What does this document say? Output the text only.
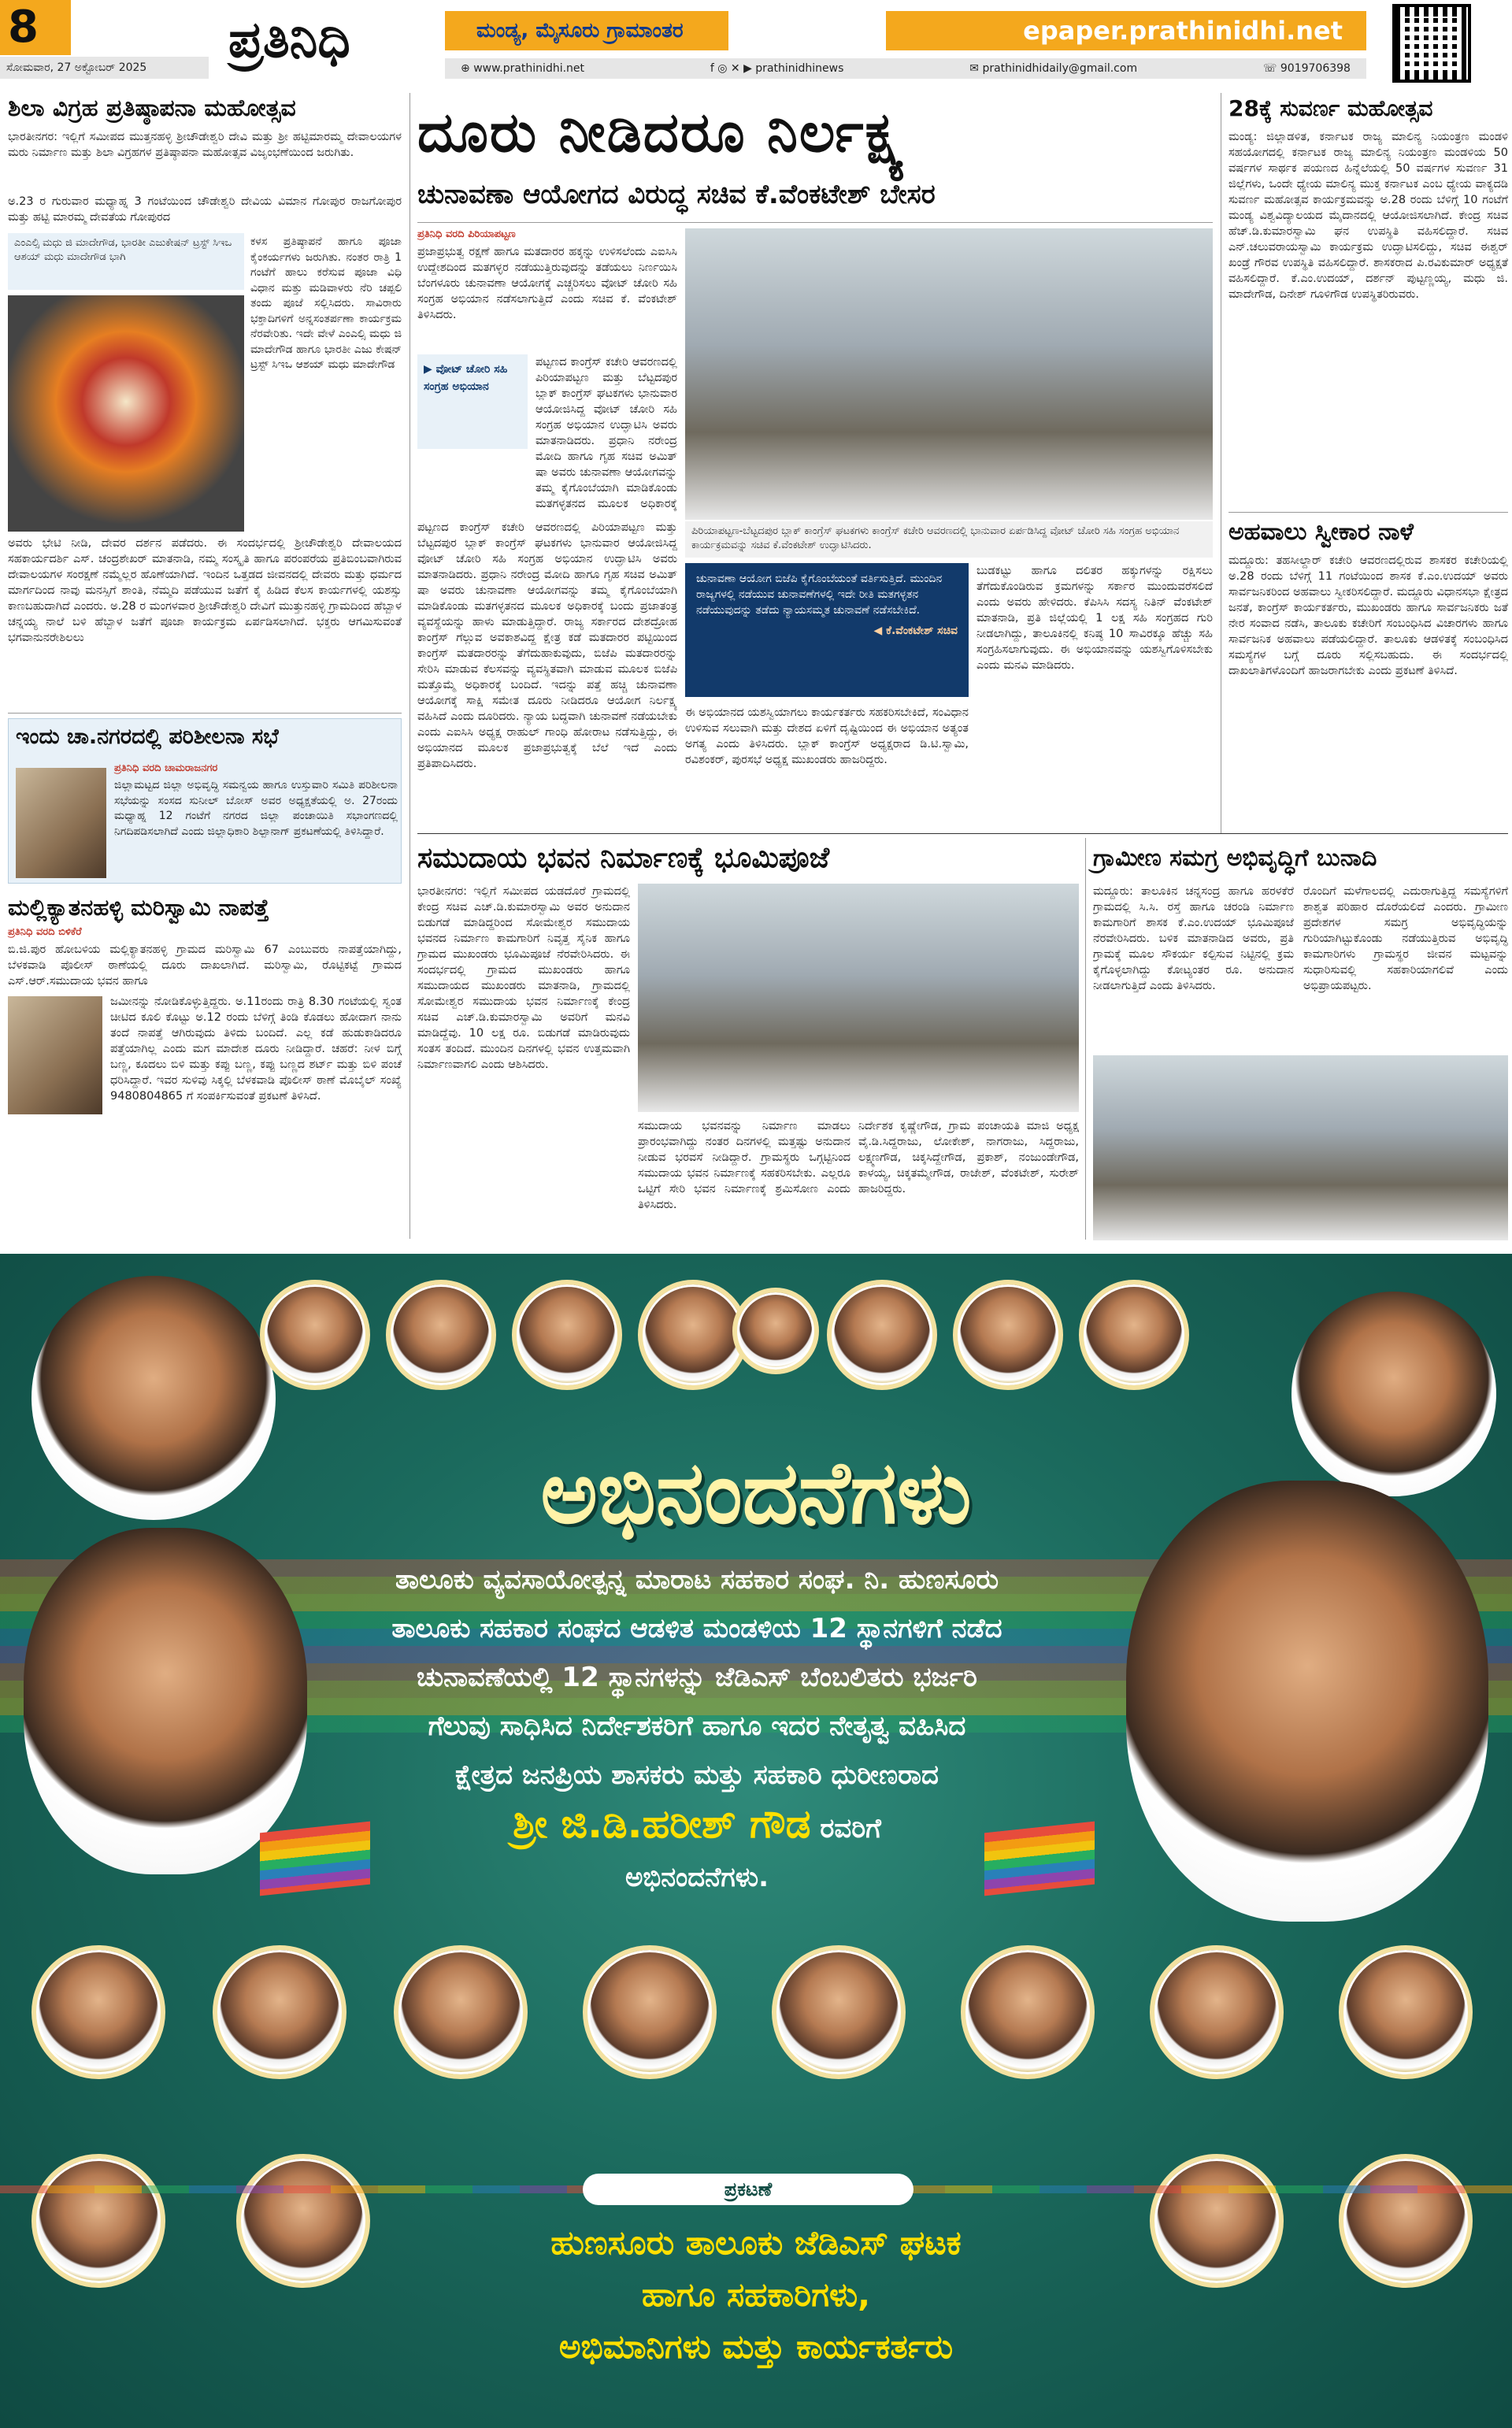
8
ಸೋಮವಾರ, 27 ಅಕ್ಟೋಬರ್ 2025	ಪ್ರತಿನಿಧಿ	ಮಂಡ್ಯ, ಮೈಸೂರು ಗ್ರಾಮಾಂತರ	epaper.prathinidhi.net
⊕ www.prathinidhi.net	f ◎ ✕ ▶ prathinidhinews	✉ prathinidhidaily@gmail.com	☏ 9019706398
ಶಿಲಾ ವಿಗ್ರಹ ಪ್ರತಿಷ್ಠಾಪನಾ ಮಹೋತ್ಸವ
ಭಾರತೀನಗರ: ಇಲ್ಲಿಗೆ ಸಮೀಪದ ಮುತ್ತನಹಳ್ಳಿ ಶ್ರೀಚೌಡೇಶ್ವರಿ ದೇವಿ ಮತ್ತು ಶ್ರೀ ಹಟ್ಟಿಮಾರಮ್ಮ ದೇವಾಲಯಗಳ ಮರು ನಿರ್ಮಾಣ ಮತ್ತು ಶಿಲಾ ವಿಗ್ರಹಗಳ ಪ್ರತಿಷ್ಠಾಪನಾ ಮಹೋತ್ಸವ ವಿಜೃಂಭಣೆಯಿಂದ ಜರುಗಿತು.
ಅ.23 ರ ಗುರುವಾರ ಮಧ್ಯಾಹ್ನ 3 ಗಂಟೆಯಿಂದ ಚೌಡೇಶ್ವರಿ ದೇವಿಯ ವಿಮಾನ ಗೋಪುರ ರಾಜಗೋಪುರ ಮತ್ತು ಹಟ್ಟಿ ಮಾರಮ್ಮ ದೇವತೆಯ ಗೋಪುರದ
ಎಂಎಲ್ಸಿ ಮಧು ಜಿ ಮಾದೇಗೌಡ, ಭಾರತೀ ಎಜುಕೇಷನ್ ಟ್ರಸ್ಟ್ ಸಿಇಒ ಆಶಯ್ ಮಧು ಮಾದೇಗೌಡ ಭಾಗಿ
ಕಳಸ ಪ್ರತಿಷ್ಠಾಪನೆ ಹಾಗೂ ಪೂಜಾ ಕೈಂಕರ್ಯಗಳು ಜರುಗಿತು. ನಂತರ ರಾತ್ರಿ 1 ಗಂಟೆಗೆ ಹಾಲು ಕರೆಸುವ ಪೂಜಾ ವಿಧಿ ವಿಧಾನ ಮತ್ತು ಮಡಿವಾಳರು ನೆರಿ ಚಪ್ಪಲಿ ತಂದು ಪೂಜೆ ಸಲ್ಲಿಸಿದರು. ಸಾವಿರಾರು ಭಕ್ತಾದಿಗಳಿಗೆ ಅನ್ನಸಂತರ್ಪಣಾ ಕಾರ್ಯಕ್ರಮ ನೆರವೇರಿತು. ಇದೇ ವೇಳೆ ಎಂಎಲ್ಸಿ ಮಧು ಜಿ ಮಾದೇಗೌಡ ಹಾಗೂ ಭಾರತೀ ಎಜು ಕೇಷನ್ ಟ್ರಸ್ಟ್ ಸಿಇಒ ಆಶಯ್ ಮಧು ಮಾದೇಗೌಡ
ಅವರು ಭೇಟಿ ನೀಡಿ, ದೇವರ ದರ್ಶನ ಪಡೆದರು. ಈ ಸಂದರ್ಭದಲ್ಲಿ ಶ್ರೀಚೌಡೇಶ್ವರಿ ದೇವಾಲಯದ ಸಹಕಾರ್ಯದರ್ಶಿ ಎಸ್. ಚಂದ್ರಶೇಖರ್ ಮಾತನಾಡಿ, ನಮ್ಮ ಸಂಸ್ಕೃತಿ ಹಾಗೂ ಪರಂಪರೆಯ ಪ್ರತಿಬಿಂಬವಾಗಿರುವ ದೇವಾಲಯಗಳ ಸಂರಕ್ಷಣೆ ನಮ್ಮೆಲ್ಲರ ಹೊಣೆಯಾಗಿದೆ. ಇಂದಿನ ಒತ್ತಡದ ಜೀವನದಲ್ಲಿ ದೇವರು ಮತ್ತು ಧರ್ಮದ ಮಾರ್ಗದಿಂದ ನಾವು ಮನಸ್ಸಿಗೆ ಶಾಂತಿ, ನೆಮ್ಮದಿ ಪಡೆಯುವ ಜತೆಗೆ ಕೈ ಹಿಡಿದ ಕೆಲಸ ಕಾರ್ಯಗಳಲ್ಲಿ ಯಶಸ್ಸು ಕಾಣಬಹುದಾಗಿದೆ ಎಂದರು. ಅ.28 ರ ಮಂಗಳವಾರ ಶ್ರೀಚೌಡೇಶ್ವರಿ ದೇವಿಗೆ ಮುತ್ತುನಹಳ್ಳಿ ಗ್ರಾಮದಿಂದ ಹೆಬ್ಬಾಳ ಚನ್ನಯ್ಯ ನಾಲೆ ಬಳಿ ಹೆಬ್ಬಾಳ ಜತೆಗೆ ಪೂಜಾ ಕಾರ್ಯಕ್ರಮ ಏರ್ಪಡಿಸಲಾಗಿದೆ. ಭಕ್ತರು ಆಗಮಿಸುವಂತೆ ಭಗವಾನುನರೇಶಿಲಲು
ಇಂದು ಚಾ.ನಗರದಲ್ಲಿ ಪರಿಶೀಲನಾ ಸಭೆ
ಪ್ರತಿನಿಧಿ ವರದಿ ಚಾಮರಾಜನಗರ
ಜಿಲ್ಲಾಮಟ್ಟದ ಜಿಲ್ಲಾ ಅಭಿವೃದ್ಧಿ ಸಮನ್ವಯ ಹಾಗೂ ಉಸ್ತುವಾರಿ ಸಮಿತಿ ಪರಿಶೀಲನಾ ಸಭೆಯನ್ನು ಸಂಸದ ಸುನೀಲ್ ಬೋಸ್ ಅವರ ಅಧ್ಯಕ್ಷತೆಯಲ್ಲಿ ಅ. 27ರಂದು ಮಧ್ಯಾಹ್ನ 12 ಗಂಟೆಗೆ ನಗರದ ಜಿಲ್ಲಾ ಪಂಚಾಯಿತಿ ಸಭಾಂಗಣದಲ್ಲಿ ನಿಗದಿಪಡಿಸಲಾಗಿದೆ ಎಂದು ಜಿಲ್ಲಾಧಿಕಾರಿ ಶಿಲ್ಪಾನಾಗ್ ಪ್ರಕಟಣೆಯಲ್ಲಿ ತಿಳಿಸಿದ್ದಾರೆ.
ಮಲ್ಲಿಕ್ಯಾತನಹಳ್ಳಿ ಮರಿಸ್ವಾಮಿ ನಾಪತ್ತೆ
ಪ್ರತಿನಿಧಿ ವರದಿ ಬಿಳಿಕೆರೆ
ಬಿ.ಜಿ.ಪುರ ಹೋಬಳಿಯ ಮಲ್ಲಿಕ್ಯಾತನಹಳ್ಳಿ ಗ್ರಾಮದ ಮರಿಸ್ವಾಮಿ 67 ಎಂಬುವರು ನಾಪತ್ತೆಯಾಗಿದ್ದು, ಬೆಳಕವಾಡಿ ಪೊಲೀಸ್ ಠಾಣೆಯಲ್ಲಿ ದೂರು ದಾಖಲಾಗಿದೆ. ಮರಿಸ್ವಾಮಿ, ರೊಟ್ಟಿಕಟ್ಟೆ ಗ್ರಾಮದ ಎಸ್.ಆರ್.ಸಮುದಾಯ ಭವನ ಹಾಗೂ
ಜಮೀನನ್ನು ನೋಡಿಕೊಳ್ಳುತ್ತಿದ್ದರು. ಅ.11ರಂದು ರಾತ್ರಿ 8.30 ಗಂಟೆಯಲ್ಲಿ ಸ್ವಂತ ಚೀಟಿದ ಕೂಲಿ ಕೊಟ್ಟು ಅ.12 ರಂದು ಬೆಳಿಗ್ಗೆ ತಿಂಡಿ ಕೊಡಲು ಹೋದಾಗ ನಾನು ತಂದೆ ನಾಪತ್ತೆ ಆಗಿರುವುದು ತಿಳಿದು ಬಂದಿದೆ. ಎಲ್ಲ ಕಡೆ ಹುಡುಕಾಡಿದರೂ ಪತ್ತೆಯಾಗಿಲ್ಲ ಎಂದು ಮಗ ಮಾದೇಶ ದೂರು ನೀಡಿದ್ದಾರೆ. ಚಹರೆ: ನೀಳ ಬಿಗ್ಗೆ ಬಣ್ಣ, ಕೂದಲು ಬಿಳಿ ಮತ್ತು ಕಪ್ಪು ಬಣ್ಣ, ಕಪ್ಪು ಬಣ್ಣದ ಶರ್ಟ್ ಮತ್ತು ಬಿಳಿ ಪಂಚೆ ಧರಿಸಿದ್ದಾರೆ. ಇವರ ಸುಳಿವು ಸಿಕ್ಕಲ್ಲಿ ಬೆಳಕವಾಡಿ ಪೊಲೀಸ್ ಠಾಣೆ ಮೊಬೈಲ್ ಸಂಖ್ಯೆ 9480804865 ಗೆ ಸಂಪರ್ಕಿಸುವಂತೆ ಪ್ರಕಟಣೆ ತಿಳಿಸಿದೆ.
ದೂರು ನೀಡಿದರೂ ನಿರ್ಲಕ್ಷ್ಯ
ಚುನಾವಣಾ ಆಯೋಗದ ವಿರುದ್ಧ ಸಚಿವ ಕೆ.ವೆಂಕಟೇಶ್ ಬೇಸರ
ಪ್ರತಿನಿಧಿ ವರದಿ ಪಿರಿಯಾಪಟ್ಟಣ
ಪ್ರಜಾಪ್ರಭುತ್ವ ರಕ್ಷಣೆ ಹಾಗೂ ಮತದಾರರ ಹಕ್ಕನ್ನು ಉಳಿಸಲೆಂದು ಎಐಸಿಸಿ ಉದ್ದೇಶದಿಂದ ಮತಗಳ್ಳರ ನಡೆಯುತ್ತಿರುವುದನ್ನು ತಡೆಯಲು ನಿರ್ಣಯಿಸಿ ಬೆಂಗಳೂರು ಚುನಾವಣಾ ಆಯೋಗಕ್ಕೆ ಎಚ್ಚರಿಸಲು ವೋಟ್ ಚೋರಿ ಸಹಿ ಸಂಗ್ರಹ ಅಭಿಯಾನ ನಡೆಸಲಾಗುತ್ತಿದೆ ಎಂದು ಸಚಿವ ಕೆ. ವೆಂಕಟೇಶ್ ತಿಳಿಸಿದರು.
▶ ವೋಟ್ ಚೋರಿ ಸಹಿ ಸಂಗ್ರಹ ಅಭಿಯಾನ
ಪಟ್ಟಣದ ಕಾಂಗ್ರೆಸ್ ಕಚೇರಿ ಆವರಣದಲ್ಲಿ ಪಿರಿಯಾಪಟ್ಟಣ ಮತ್ತು ಬೆಟ್ಟದಪುರ ಬ್ಲಾಕ್ ಕಾಂಗ್ರೆಸ್ ಘಟಕಗಳು ಭಾನುವಾರ ಆಯೋಜಿಸಿದ್ದ ವೋಟ್ ಚೋರಿ ಸಹಿ ಸಂಗ್ರಹ ಅಭಿಯಾನ ಉದ್ಘಾಟಿಸಿ ಅವರು ಮಾತನಾಡಿದರು. ಪ್ರಧಾನಿ ನರೇಂದ್ರ ಮೋದಿ ಹಾಗೂ ಗೃಹ ಸಚಿವ ಅಮಿತ್ ಷಾ ಅವರು ಚುನಾವಣಾ ಆಯೋಗವನ್ನು ತಮ್ಮ ಕೈಗೊಂಬೆಯಾಗಿ ಮಾಡಿಕೊಂಡು ಮತಗಳ್ಳತನದ ಮೂಲಕ ಅಧಿಕಾರಕ್ಕೆ
ಪಟ್ಟಣದ ಕಾಂಗ್ರೆಸ್ ಕಚೇರಿ ಆವರಣದಲ್ಲಿ ಪಿರಿಯಾಪಟ್ಟಣ ಮತ್ತು ಬೆಟ್ಟದಪುರ ಬ್ಲಾಕ್ ಕಾಂಗ್ರೆಸ್ ಘಟಕಗಳು ಭಾನುವಾರ ಆಯೋಜಿಸಿದ್ದ ವೋಟ್ ಚೋರಿ ಸಹಿ ಸಂಗ್ರಹ ಅಭಿಯಾನ ಉದ್ಘಾಟಿಸಿ ಅವರು ಮಾತನಾಡಿದರು. ಪ್ರಧಾನಿ ನರೇಂದ್ರ ಮೋದಿ ಹಾಗೂ ಗೃಹ ಸಚಿವ ಅಮಿತ್ ಷಾ ಅವರು ಚುನಾವಣಾ ಆಯೋಗವನ್ನು ತಮ್ಮ ಕೈಗೊಂಬೆಯಾಗಿ ಮಾಡಿಕೊಂಡು ಮತಗಳ್ಳತನದ ಮೂಲಕ ಅಧಿಕಾರಕ್ಕೆ ಬಂದು ಪ್ರಜಾತಂತ್ರ ವ್ಯವಸ್ಥೆಯನ್ನು ಹಾಳು ಮಾಡುತ್ತಿದ್ದಾರೆ. ರಾಜ್ಯ ಸರ್ಕಾರದ ದೇಶದ್ರೋಹ ಕಾಂಗ್ರೆಸ್ ಗೆಲ್ಲುವ ಅವಕಾಶವಿದ್ದ ಕ್ಷೇತ್ರ ಕಡೆ ಮತದಾರರ ಪಟ್ಟಿಯಿಂದ ಕಾಂಗ್ರೆಸ್ ಮತದಾರರನ್ನು ತೆಗೆದುಹಾಕುವುದು, ಬಿಜೆಪಿ ಮತದಾರರನ್ನು ಸೇರಿಸಿ ಮಾಡುವ ಕೆಲಸವನ್ನು ವ್ಯವಸ್ಥಿತವಾಗಿ ಮಾಡುವ ಮೂಲಕ ಬಿಜೆಪಿ ಮತ್ತೊಮ್ಮೆ ಅಧಿಕಾರಕ್ಕೆ ಬಂದಿದೆ. ಇದನ್ನು ಪತ್ತೆ ಹಚ್ಚಿ ಚುನಾವಣಾ ಆಯೋಗಕ್ಕೆ ಸಾಕ್ಷಿ ಸಮೇತ ದೂರು ನೀಡಿದರೂ ಆಯೋಗ ನಿರ್ಲಕ್ಷ್ಯ ವಹಿಸಿದೆ ಎಂದು ದೂರಿದರು. ನ್ಯಾಯ ಬದ್ಧವಾಗಿ ಚುನಾವಣೆ ನಡೆಯಬೇಕು ಎಂದು ಎಐಸಿಸಿ ಅಧ್ಯಕ್ಷ ರಾಹುಲ್ ಗಾಂಧಿ ಹೋರಾಟ ನಡೆಸುತ್ತಿದ್ದು, ಈ ಅಭಿಯಾನದ ಮೂಲಕ ಪ್ರಜಾಪ್ರಭುತ್ವಕ್ಕೆ ಬೆಲೆ ಇದೆ ಎಂದು ಪ್ರತಿಪಾದಿಸಿದರು.
ಪಿರಿಯಾಪಟ್ಟಣ-ಬೆಟ್ಟದಪುರ ಬ್ಲಾಕ್ ಕಾಂಗ್ರೆಸ್ ಘಟಕಗಳು ಕಾಂಗ್ರೆಸ್ ಕಚೇರಿ ಆವರಣದಲ್ಲಿ ಭಾನುವಾರ ಏರ್ಪಡಿಸಿದ್ದ ವೋಟ್ ಚೋರಿ ಸಹಿ ಸಂಗ್ರಹ ಅಭಿಯಾನ ಕಾರ್ಯಕ್ರಮವನ್ನು ಸಚಿವ ಕೆ.ವೆಂಕಟೇಶ್ ಉದ್ಘಾಟಿಸಿದರು.
ಚುನಾವಣಾ ಆಯೋಗ ಬಿಜೆಪಿ ಕೈಗೊಂಬೆಯಂತೆ ವರ್ತಿಸುತ್ತಿದೆ. ಮುಂದಿನ ರಾಜ್ಯಗಳಲ್ಲಿ ನಡೆಯುವ ಚುನಾವಣೆಗಳಲ್ಲಿ ಇದೇ ರೀತಿ ಮತಗಳ್ಳತನ ನಡೆಯುವುದನ್ನು ತಡೆದು ನ್ಯಾಯಸಮ್ಮತ ಚುನಾವಣೆ ನಡೆಸಬೇಕಿದೆ.
◀ ಕೆ.ವೆಂಕಟೇಶ್ ಸಚಿವ
ಬುಡಕಟ್ಟು ಹಾಗೂ ದಲಿತರ ಹಕ್ಕುಗಳನ್ನು ರಕ್ಷಿಸಲು ತೆಗೆದುಕೊಂಡಿರುವ ಕ್ರಮಗಳನ್ನು ಸರ್ಕಾರ ಮುಂದುವರೆಸಲಿದೆ ಎಂದು ಅವರು ಹೇಳಿದರು. ಕೆಪಿಸಿಸಿ ಸದಸ್ಯ ನಿತಿನ್ ವೆಂಕಟೇಶ್ ಮಾತನಾಡಿ, ಪ್ರತಿ ಜಿಲ್ಲೆಯಲ್ಲಿ 1 ಲಕ್ಷ ಸಹಿ ಸಂಗ್ರಹದ ಗುರಿ ನೀಡಲಾಗಿದ್ದು, ತಾಲೂಕಿನಲ್ಲಿ ಕನಿಷ್ಠ 10 ಸಾವಿರಕ್ಕೂ ಹೆಚ್ಚು ಸಹಿ ಸಂಗ್ರಹಿಸಲಾಗುವುದು. ಈ ಅಭಿಯಾನವನ್ನು ಯಶಸ್ವಿಗೊಳಿಸಬೇಕು ಎಂದು ಮನವಿ ಮಾಡಿದರು.
ಈ ಅಭಿಯಾನದ ಯಶಸ್ವಿಯಾಗಲು ಕಾರ್ಯಕರ್ತರು ಸಹಕರಿಸಬೇಕಿದೆ, ಸಂವಿಧಾನ ಉಳಿಸುವ ಸಲುವಾಗಿ ಮತ್ತು ದೇಶದ ಏಳಿಗೆ ದೃಷ್ಟಿಯಿಂದ ಈ ಅಭಿಯಾನ ಅತ್ಯಂತ ಅಗತ್ಯ ಎಂದು ತಿಳಿಸಿದರು. ಬ್ಲಾಕ್ ಕಾಂಗ್ರೆಸ್ ಅಧ್ಯಕ್ಷರಾದ ಡಿ.ಟಿ.ಸ್ವಾಮಿ, ರವಿಶಂಕರ್, ಪುರಸಭೆ ಅಧ್ಯಕ್ಷ ಮುಖಂಡರು ಹಾಜರಿದ್ದರು.
28ಕ್ಕೆ ಸುವರ್ಣ ಮಹೋತ್ಸವ
ಮಂಡ್ಯ: ಜಿಲ್ಲಾಡಳಿತ, ಕರ್ನಾಟಕ ರಾಜ್ಯ ಮಾಲಿನ್ಯ ನಿಯಂತ್ರಣ ಮಂಡಳಿ ಸಹಯೋಗದಲ್ಲಿ ಕರ್ನಾಟಕ ರಾಜ್ಯ ಮಾಲಿನ್ಯ ನಿಯಂತ್ರಣ ಮಂಡಳಿಯ 50 ವರ್ಷಗಳ ಸಾರ್ಥಕ ಪಯಣದ ಹಿನ್ನೆಲೆಯಲ್ಲಿ 50 ವರ್ಷಗಳ ಸುವರ್ಣ 31 ಜಿಲ್ಲೆಗಳು, ಒಂದೇ ಧ್ಯೇಯ ಮಾಲಿನ್ಯ ಮುಕ್ತ ಕರ್ನಾಟಕ ಎಂಬ ಧ್ಯೇಯ ವಾಕ್ಯದಡಿ ಸುವರ್ಣ ಮಹೋತ್ಸವ ಕಾರ್ಯಕ್ರಮವನ್ನು ಅ.28 ರಂದು ಬೆಳಿಗ್ಗೆ 10 ಗಂಟೆಗೆ ಮಂಡ್ಯ ವಿಶ್ವವಿದ್ಯಾಲಯದ ಮೈದಾನದಲ್ಲಿ ಆಯೋಜಿಸಲಾಗಿದೆ. ಕೇಂದ್ರ ಸಚಿವ ಹೆಚ್.ಡಿ.ಕುಮಾರಸ್ವಾಮಿ ಘನ ಉಪಸ್ಥಿತಿ ವಹಿಸಲಿದ್ದಾರೆ. ಸಚಿವ ಎನ್.ಚಲುವರಾಯಸ್ವಾಮಿ ಕಾರ್ಯಕ್ರಮ ಉದ್ಘಾಟಿಸಲಿದ್ದು, ಸಚಿವ ಈಶ್ವರ್ ಖಂಡ್ರೆ ಗೌರವ ಉಪಸ್ಥಿತಿ ವಹಿಸಲಿದ್ದಾರೆ. ಶಾಸಕರಾದ ಪಿ.ರವಿಕುಮಾರ್ ಅಧ್ಯಕ್ಷತೆ ವಹಿಸಲಿದ್ದಾರೆ. ಕೆ.ಎಂ.ಉದಯ್, ದರ್ಶನ್ ಪುಟ್ಟಣ್ಣಯ್ಯ, ಮಧು ಜಿ. ಮಾದೇಗೌಡ, ದಿನೇಶ್ ಗೂಳಿಗೌಡ ಉಪಸ್ಥಿತರಿರುವರು.
ಅಹವಾಲು ಸ್ವೀಕಾರ ನಾಳೆ
ಮದ್ದೂರು: ತಹಸೀಲ್ದಾರ್ ಕಚೇರಿ ಆವರಣದಲ್ಲಿರುವ ಶಾಸಕರ ಕಚೇರಿಯಲ್ಲಿ ಅ.28 ರಂದು ಬೆಳಿಗ್ಗೆ 11 ಗಂಟೆಯಿಂದ ಶಾಸಕ ಕೆ.ಎಂ.ಉದಯ್ ಅವರು ಸಾರ್ವಜನಿಕರಿಂದ ಅಹವಾಲು ಸ್ವೀಕರಿಸಲಿದ್ದಾರೆ. ಮದ್ದೂರು ವಿಧಾನಸಭಾ ಕ್ಷೇತ್ರದ ಜನತೆ, ಕಾಂಗ್ರೆಸ್ ಕಾರ್ಯಕರ್ತರು, ಮುಖಂಡರು ಹಾಗೂ ಸಾರ್ವಜನಿಕರು ಜತೆ ನೇರ ಸಂವಾದ ನಡೆಸಿ, ತಾಲೂಕು ಕಚೇರಿಗೆ ಸಂಬಂಧಿಸಿದ ವಿಚಾರಗಳು ಹಾಗೂ ಸಾರ್ವಜನಿಕ ಅಹವಾಲು ಪಡೆಯಲಿದ್ದಾರೆ. ತಾಲೂಕು ಆಡಳಿತಕ್ಕೆ ಸಂಬಂಧಿಸಿದ ಸಮಸ್ಯೆಗಳ ಬಗ್ಗೆ ದೂರು ಸಲ್ಲಿಸಬಹುದು. ಈ ಸಂದರ್ಭದಲ್ಲಿ ದಾಖಲಾತಿಗಳೊಂದಿಗೆ ಹಾಜರಾಗಬೇಕು ಎಂದು ಪ್ರಕಟಣೆ ತಿಳಿಸಿದೆ.
ಸಮುದಾಯ ಭವನ ನಿರ್ಮಾಣಕ್ಕೆ ಭೂಮಿಪೂಜೆ
ಭಾರತೀನಗರ: ಇಲ್ಲಿಗೆ ಸಮೀಪದ ಯಡದೊರೆ ಗ್ರಾಮದಲ್ಲಿ ಕೇಂದ್ರ ಸಚಿವ ಎಚ್.ಡಿ.ಕುಮಾರಸ್ವಾಮಿ ಅವರ ಅನುದಾನ ಬಿಡುಗಡೆ ಮಾಡಿದ್ದರಿಂದ ಸೋಮೇಶ್ವರ ಸಮುದಾಯ ಭವನದ ನಿರ್ಮಾಣ ಕಾಮಗಾರಿಗೆ ನಿವೃತ್ತ ಸೈನಿಕ ಹಾಗೂ ಗ್ರಾಮದ ಮುಖಂಡರು ಭೂಮಿಪೂಜೆ ನೆರವೇರಿಸಿದರು. ಈ ಸಂದರ್ಭದಲ್ಲಿ ಗ್ರಾಮದ ಮುಖಂಡರು ಹಾಗೂ ಸಮುದಾಯದ ಮುಖಂಡರು ಮಾತನಾಡಿ, ಗ್ರಾಮದಲ್ಲಿ ಸೋಮೇಶ್ವರ ಸಮುದಾಯ ಭವನ ನಿರ್ಮಾಣಕ್ಕೆ ಕೇಂದ್ರ ಸಚಿವ ಎಚ್.ಡಿ.ಕುಮಾರಸ್ವಾಮಿ ಅವರಿಗೆ ಮನವಿ ಮಾಡಿದ್ದೆವು. 10 ಲಕ್ಷ ರೂ. ಬಿಡುಗಡೆ ಮಾಡಿರುವುದು ಸಂತಸ ತಂದಿದೆ. ಮುಂದಿನ ದಿನಗಳಲ್ಲಿ ಭವನ ಉತ್ತಮವಾಗಿ ನಿರ್ಮಾಣವಾಗಲಿ ಎಂದು ಆಶಿಸಿದರು.
ಸಮುದಾಯ ಭವನವನ್ನು ನಿರ್ಮಾಣ ಮಾಡಲು ಪ್ರಾರಂಭವಾಗಿದ್ದು ನಂತರ ದಿನಗಳಲ್ಲಿ ಮತ್ತಷ್ಟು ಅನುದಾನ ನೀಡುವ ಭರವಸೆ ನೀಡಿದ್ದಾರೆ. ಗ್ರಾಮಸ್ಥರು ಒಗ್ಗಟ್ಟಿನಿಂದ ಸಮುದಾಯ ಭವನ ನಿರ್ಮಾಣಕ್ಕೆ ಸಹಕರಿಸಬೇಕು. ಎಲ್ಲರೂ ಒಟ್ಟಿಗೆ ಸೇರಿ ಭವನ ನಿರ್ಮಾಣಕ್ಕೆ ಶ್ರಮಿಸೋಣ ಎಂದು ತಿಳಿಸಿದರು.
ನಿರ್ದೇಶಕ ಕೃಷ್ಣೇಗೌಡ, ಗ್ರಾಮ ಪಂಚಾಯತಿ ಮಾಜಿ ಅಧ್ಯಕ್ಷ ವೈ.ಡಿ.ಸಿದ್ದರಾಜು, ಲೋಕೇಶ್, ನಾಗರಾಜು, ಸಿದ್ದರಾಜು, ಲಕ್ಷ್ಮಣಗೌಡ, ಚಿಕ್ಕಸಿದ್ದೇಗೌಡ, ಪ್ರಕಾಶ್, ನಂಜುಂಡೇಗೌಡ, ಕಾಳಯ್ಯ, ಚಿಕ್ಕತಮ್ಮೇಗೌಡ, ರಾಜೇಶ್, ವೆಂಕಟೇಶ್, ಸುರೇಶ್ ಹಾಜರಿದ್ದರು.
ಗ್ರಾಮೀಣ ಸಮಗ್ರ ಅಭಿವೃದ್ಧಿಗೆ ಬುನಾದಿ
ಮದ್ದೂರು: ತಾಲೂಕಿನ ಚನ್ನಸಂದ್ರ ಹಾಗೂ ಹರಳಕೆರೆ ಗ್ರಾಮದಲ್ಲಿ ಸಿ.ಸಿ. ರಸ್ತೆ ಹಾಗೂ ಚರಂಡಿ ನಿರ್ಮಾಣ ಕಾಮಗಾರಿಗೆ ಶಾಸಕ ಕೆ.ಎಂ.ಉದಯ್ ಭೂಮಿಪೂಜೆ ನೆರವೇರಿಸಿದರು. ಬಳಿಕ ಮಾತನಾಡಿದ ಅವರು, ಪ್ರತಿ ಗ್ರಾಮಕ್ಕೆ ಮೂಲ ಸೌಕರ್ಯ ಕಲ್ಪಿಸುವ ನಿಟ್ಟಿನಲ್ಲಿ ಕ್ರಮ ಕೈಗೊಳ್ಳಲಾಗಿದ್ದು ಕೋಟ್ಯಂತರ ರೂ. ಅನುದಾನ ನೀಡಲಾಗುತ್ತಿದೆ ಎಂದು ತಿಳಿಸಿದರು.
ರೊಂದಿಗೆ ಮಳೆಗಾಲದಲ್ಲಿ ಎದುರಾಗುತ್ತಿದ್ದ ಸಮಸ್ಯೆಗಳಿಗೆ ಶಾಶ್ವತ ಪರಿಹಾರ ದೊರೆಯಲಿದೆ ಎಂದರು. ಗ್ರಾಮೀಣ ಪ್ರದೇಶಗಳ ಸಮಗ್ರ ಅಭಿವೃದ್ಧಿಯನ್ನು ಗುರಿಯಾಗಿಟ್ಟುಕೊಂಡು ನಡೆಯುತ್ತಿರುವ ಅಭಿವೃದ್ಧಿ ಕಾಮಗಾರಿಗಳು ಗ್ರಾಮಸ್ಥರ ಜೀವನ ಮಟ್ಟವನ್ನು ಸುಧಾರಿಸುವಲ್ಲಿ ಸಹಕಾರಿಯಾಗಲಿವೆ ಎಂದು ಅಭಿಪ್ರಾಯಪಟ್ಟರು.
ಅಭಿನಂದನೆಗಳು
ತಾಲೂಕು ವ್ಯವಸಾಯೋತ್ಪನ್ನ ಮಾರಾಟ ಸಹಕಾರ ಸಂಘ. ನಿ. ಹುಣಸೂರು
ತಾಲೂಕು ಸಹಕಾರ ಸಂಘದ ಆಡಳಿತ ಮಂಡಳಿಯ 12 ಸ್ಥಾನಗಳಿಗೆ ನಡೆದ
ಚುನಾವಣೆಯಲ್ಲಿ 12 ಸ್ಥಾನಗಳನ್ನು ಜೆಡಿಎಸ್ ಬೆಂಬಲಿತರು ಭರ್ಜರಿ
ಗೆಲುವು ಸಾಧಿಸಿದ ನಿರ್ದೇಶಕರಿಗೆ ಹಾಗೂ ಇದರ ನೇತೃತ್ವ ವಹಿಸಿದ
ಕ್ಷೇತ್ರದ ಜನಪ್ರಿಯ ಶಾಸಕರು ಮತ್ತು ಸಹಕಾರಿ ಧುರೀಣರಾದ
ಶ್ರೀ ಜಿ.ಡಿ.ಹರೀಶ್ ಗೌಡ ರವರಿಗೆ
ಅಭಿನಂದನೆಗಳು.
ಪ್ರಕಟಣೆ
ಹುಣಸೂರು ತಾಲೂಕು ಜೆಡಿಎಸ್ ಘಟಕ
ಹಾಗೂ ಸಹಕಾರಿಗಳು,
ಅಭಿಮಾನಿಗಳು ಮತ್ತು ಕಾರ್ಯಕರ್ತರು
